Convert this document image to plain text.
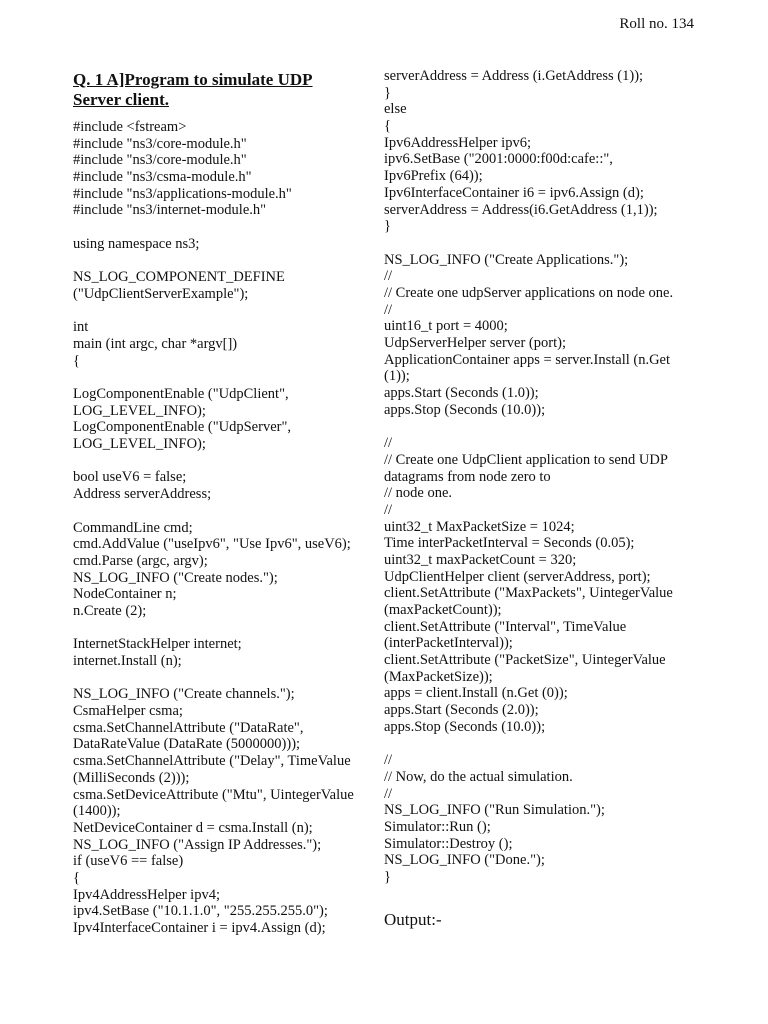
Roll no. 134
Q. 1 A]Program to simulate UDP
Server client.
#include <fstream>
#include "ns3/core-module.h"
#include "ns3/core-module.h"
#include "ns3/csma-module.h"
#include "ns3/applications-module.h"
#include "ns3/internet-module.h"
using namespace ns3;
NS_LOG_COMPONENT_DEFINE
("UdpClientServerExample");
int
main (int argc, char *argv[])
{
LogComponentEnable ("UdpClient",
LOG_LEVEL_INFO);
LogComponentEnable ("UdpServer",
LOG_LEVEL_INFO);
bool useV6 = false;
Address serverAddress;
CommandLine cmd;
cmd.AddValue ("useIpv6", "Use Ipv6", useV6);
cmd.Parse (argc, argv);
NS_LOG_INFO ("Create nodes.");
NodeContainer n;
n.Create (2);
InternetStackHelper internet;
internet.Install (n);
NS_LOG_INFO ("Create channels.");
CsmaHelper csma;
csma.SetChannelAttribute ("DataRate",
DataRateValue (DataRate (5000000)));
csma.SetChannelAttribute ("Delay", TimeValue
(MilliSeconds (2)));
csma.SetDeviceAttribute ("Mtu", UintegerValue
(1400));
NetDeviceContainer d = csma.Install (n);
NS_LOG_INFO ("Assign IP Addresses.");
if (useV6 == false)
{
Ipv4AddressHelper ipv4;
ipv4.SetBase ("10.1.1.0", "255.255.255.0");
Ipv4InterfaceContainer i = ipv4.Assign (d);
serverAddress = Address (i.GetAddress (1));
}
else
{
Ipv6AddressHelper ipv6;
ipv6.SetBase ("2001:0000:f00d:cafe::",
Ipv6Prefix (64));
Ipv6InterfaceContainer i6 = ipv6.Assign (d);
serverAddress = Address(i6.GetAddress (1,1));
}
NS_LOG_INFO ("Create Applications.");
//
// Create one udpServer applications on node one.
//
uint16_t port = 4000;
UdpServerHelper server (port);
ApplicationContainer apps = server.Install (n.Get
(1));
apps.Start (Seconds (1.0));
apps.Stop (Seconds (10.0));
//
// Create one UdpClient application to send UDP
datagrams from node zero to
// node one.
//
uint32_t MaxPacketSize = 1024;
Time interPacketInterval = Seconds (0.05);
uint32_t maxPacketCount = 320;
UdpClientHelper client (serverAddress, port);
client.SetAttribute ("MaxPackets", UintegerValue
(maxPacketCount));
client.SetAttribute ("Interval", TimeValue
(interPacketInterval));
client.SetAttribute ("PacketSize", UintegerValue
(MaxPacketSize));
apps = client.Install (n.Get (0));
apps.Start (Seconds (2.0));
apps.Stop (Seconds (10.0));
//
// Now, do the actual simulation.
//
NS_LOG_INFO ("Run Simulation.");
Simulator::Run ();
Simulator::Destroy ();
NS_LOG_INFO ("Done.");
}
Output:-
